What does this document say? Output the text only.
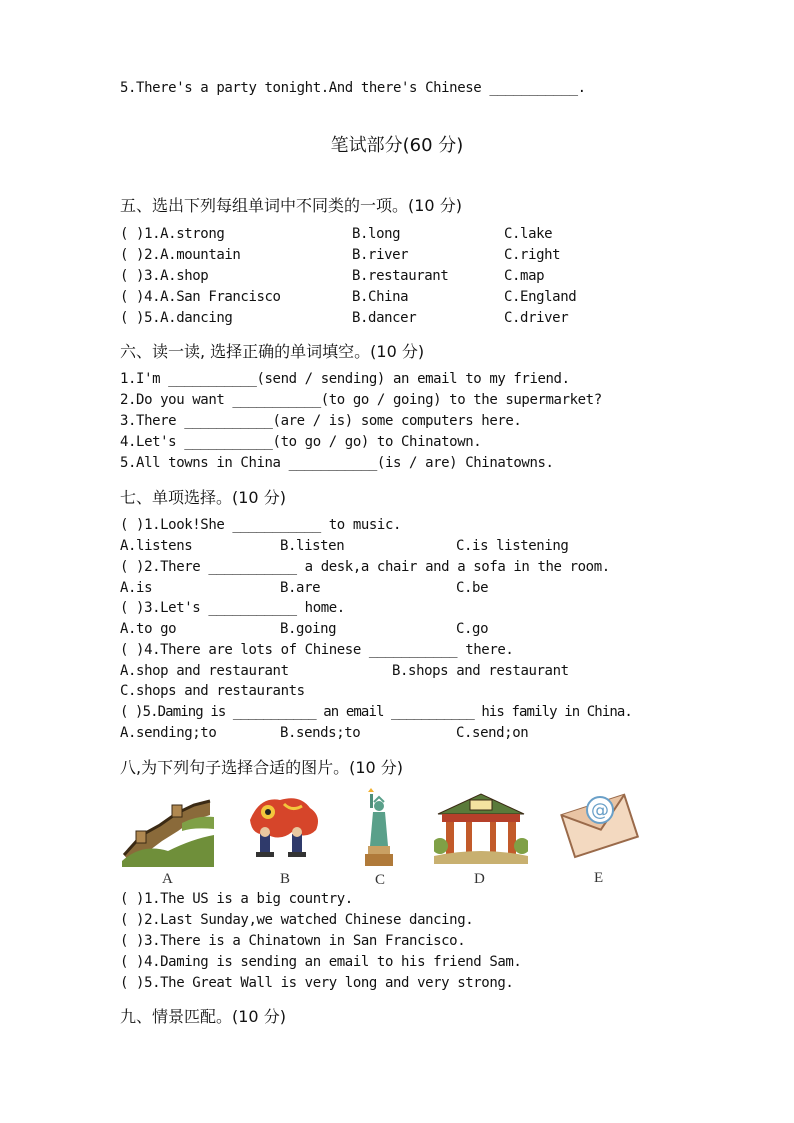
5.There's a party tonight.And there's Chinese ___________.
笔试部分(60 分)
五、选出下列每组单词中不同类的一项。(10 分)
( )1.A.strong	B.long	C.lake
( )2.A.mountain	B.river	C.right
( )3.A.shop	B.restaurant	C.map
( )4.A.San Francisco	B.China	C.England
( )5.A.dancing	B.dancer	C.driver
六、读一读, 选择正确的单词填空。(10 分)
1.I'm ___________(send / sending) an email to my friend.
2.Do you want ___________(to go / going) to the supermarket?
3.There ___________(are / is) some computers here.
4.Let's ___________(to go / go) to Chinatown.
5.All towns in China ___________(is / are) Chinatowns.
七、单项选择。(10 分)
( )1.Look!She ___________ to music.
A.listens	B.listen	C.is listening
( )2.There ___________ a desk,a chair and a sofa in the room.
A.is	B.are	C.be
( )3.Let's ___________ home.
A.to go	B.going	C.go
( )4.There are lots of Chinese ___________ there.
A.shop and restaurant	B.shops and restaurant
C.shops and restaurants
( )5.Daming is ___________ an email ___________ his family in China.
A.sending;to	B.sends;to	C.send;on
八,为下列句子选择合适的图片。(10 分)
A	B	C	D
@
E
( )1.The US is a big country.
( )2.Last Sunday,we watched Chinese dancing.
( )3.There is a Chinatown in San Francisco.
( )4.Daming is sending an email to his friend Sam.
( )5.The Great Wall is very long and very strong.
九、情景匹配。(10 分)
